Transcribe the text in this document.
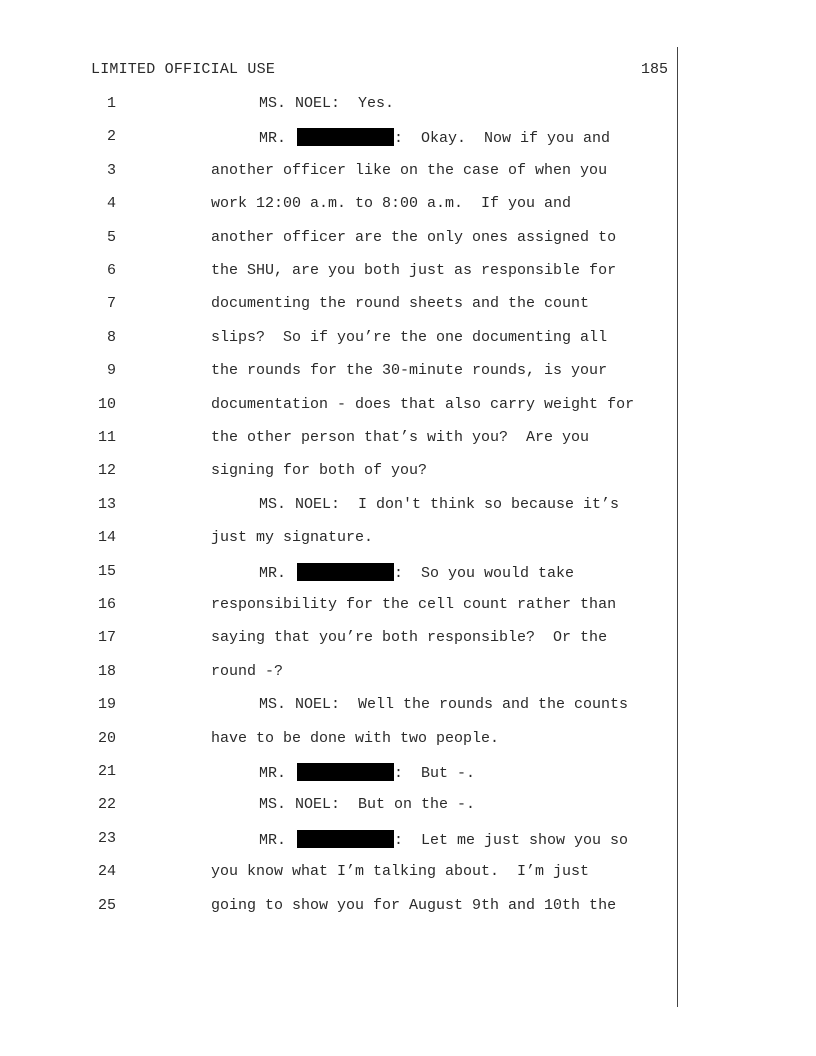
LIMITED OFFICIAL USE	185
1	MS. NOEL:  Yes.
2	MR.	:  Okay.  Now if you and
3	another officer like on the case of when you
4	work 12:00 a.m. to 8:00 a.m.  If you and
5	another officer are the only ones assigned to
6	the SHU, are you both just as responsible for
7	documenting the round sheets and the count
8	slips?  So if you’re the one documenting all
9	the rounds for the 30-minute rounds, is your
10	documentation - does that also carry weight for
11	the other person that’s with you?  Are you
12	signing for both of you?
13	MS. NOEL:  I don't think so because it’s
14	just my signature.
15	MR.	:  So you would take
16	responsibility for the cell count rather than
17	saying that you’re both responsible?  Or the
18	round -?
19	MS. NOEL:  Well the rounds and the counts
20	have to be done with two people.
21	MR.	:  But -.
22	MS. NOEL:  But on the -.
23	MR.	:  Let me just show you so
24	you know what I’m talking about.  I’m just
25	going to show you for August 9th and 10th the
